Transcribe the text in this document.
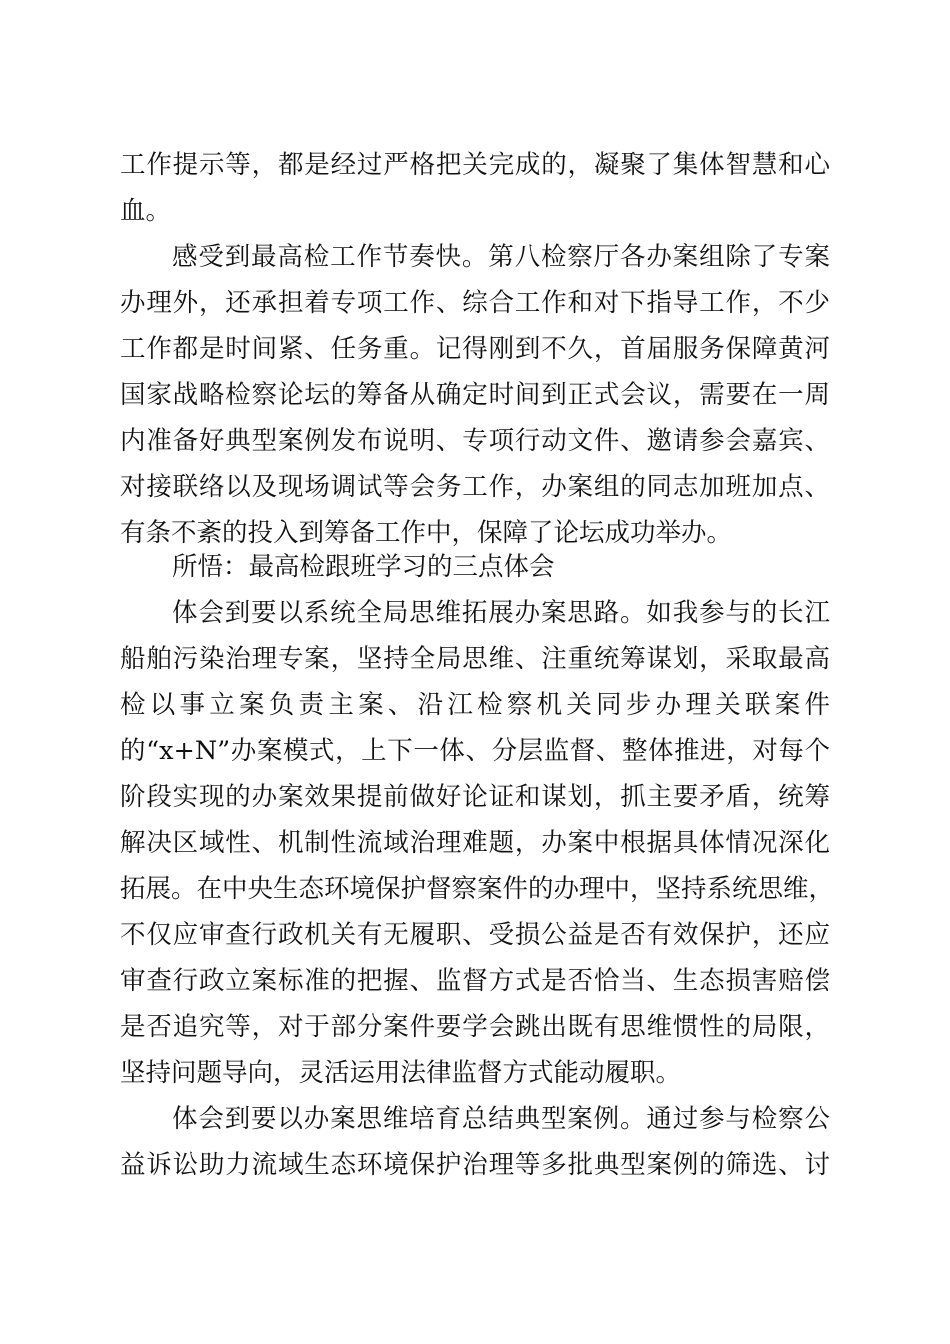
工作提示等，都是经过严格把关完成的，凝聚了集体智慧和心
血。
感受到最高检工作节奏快。第八检察厅各办案组除了专案
办理外，还承担着专项工作、综合工作和对下指导工作，不少
工作都是时间紧、任务重。记得刚到不久，首届服务保障黄河
国家战略检察论坛的筹备从确定时间到正式会议，需要在一周
内准备好典型案例发布说明、专项行动文件、邀请参会嘉宾、
对接联络以及现场调试等会务工作，办案组的同志加班加点、
有条不紊的投入到筹备工作中，保障了论坛成功举办。
所悟：最高检跟班学习的三点体会
体会到要以系统全局思维拓展办案思路。如我参与的长江
船舶污染治理专案，坚持全局思维、注重统筹谋划，采取最高
检以事立案负责主案、沿江检察机关同步办理关联案件
的“x+N”办案模式，上下一体、分层监督、整体推进，对每个
阶段实现的办案效果提前做好论证和谋划，抓主要矛盾，统筹
解决区域性、机制性流域治理难题，办案中根据具体情况深化
拓展。在中央生态环境保护督察案件的办理中，坚持系统思维，
不仅应审查行政机关有无履职、受损公益是否有效保护，还应
审查行政立案标准的把握、监督方式是否恰当、生态损害赔偿
是否追究等，对于部分案件要学会跳出既有思维惯性的局限，
坚持问题导向，灵活运用法律监督方式能动履职。
体会到要以办案思维培育总结典型案例。通过参与检察公
益诉讼助力流域生态环境保护治理等多批典型案例的筛选、讨
